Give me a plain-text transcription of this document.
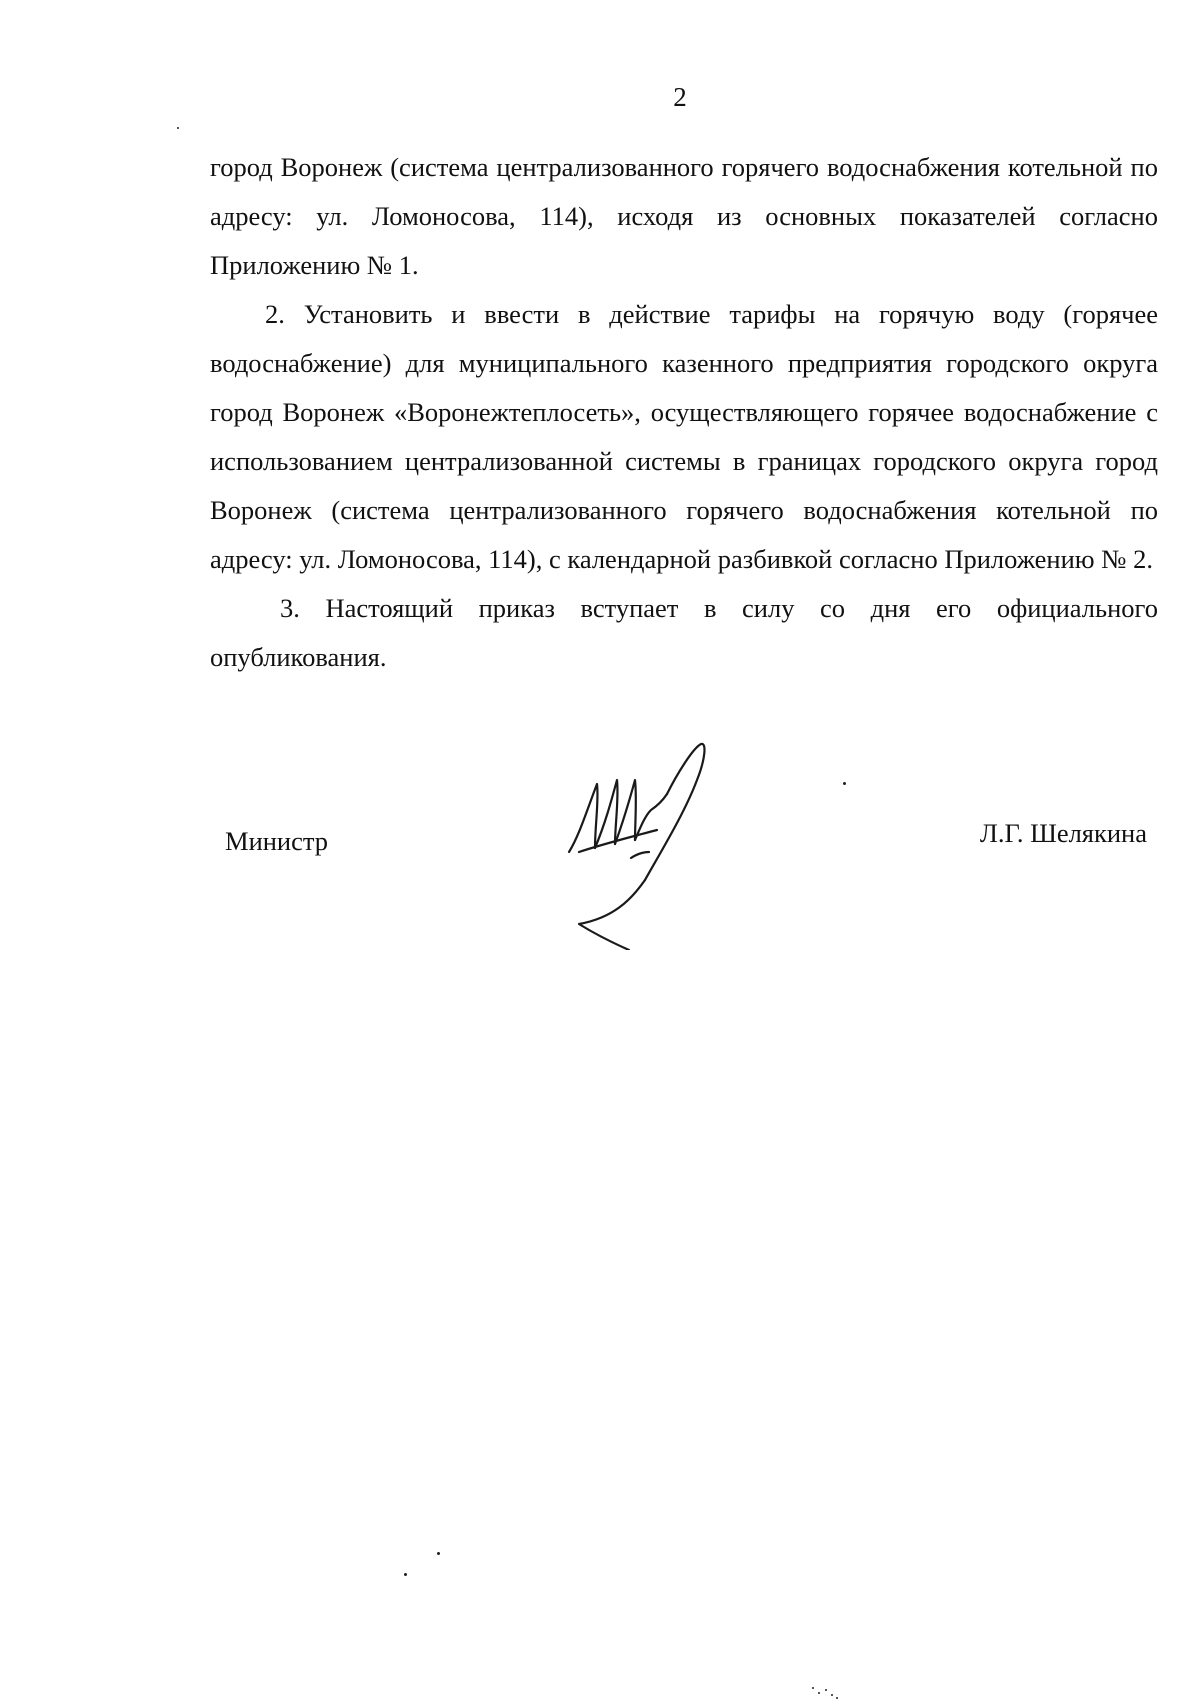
2

город Воронеж (система централизованного горячего водоснабжения котельной по адресу: ул. Ломоносова, 114), исходя из основных показателей согласно Приложению № 1.

2. Установить и ввести в действие тарифы на горячую воду (горячее водоснабжение) для муниципального казенного предприятия городского округа город Воронеж «Воронежтеплосеть», осуществляющего горячее водоснабжение с использованием централизованной системы в границах городского округа город Воронеж (система централизованного горячего водоснабжения котельной по адресу: ул. Ломоносова, 114), с календарной разбивкой согласно Приложению № 2.

3. Настоящий приказ вступает в силу со дня его официального опубликования.

Министр	Л.Г. Шелякина
